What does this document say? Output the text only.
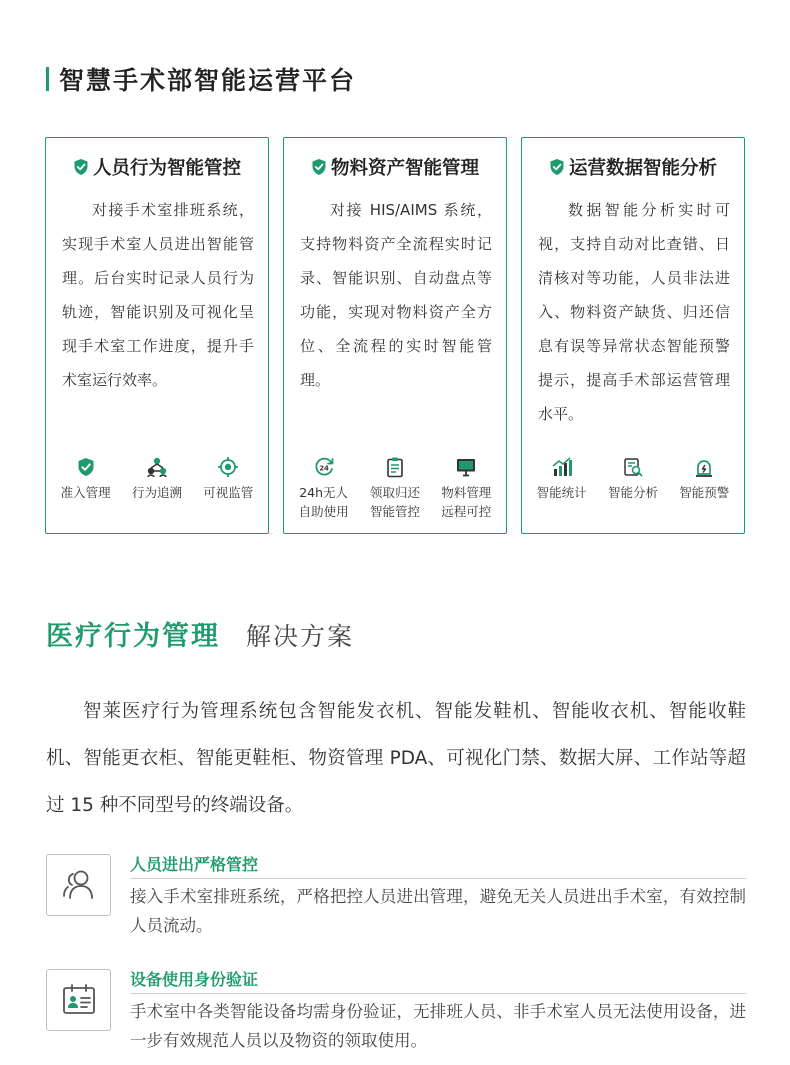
智慧手术部智能运营平台
人员行为智能管控
对接手术室排班系统，实现手术室人员进出智能管理。后台实时记录人员行为轨迹，智能识别及可视化呈现手术室工作进度，提升手术室运行效率。
准入管理 行为追溯 可视监管
物料资产智能管理
对接 HIS/AIMS 系统，支持物料资产全流程实时记录、智能识别、自动盘点等功能，实现对物料资产全方位、全流程的实时智能管理。
24
24h无人
自助使用
领取归还
智能管控
物料管理
远程可控
运营数据智能分析
数据智能分析实时可视，支持自动对比查错、日清核对等功能，人员非法进入、物料资产缺货、归还信息有误等异常状态智能预警提示，提高手术部运营管理水平。
智能统计 智能分析 智能预警
医疗行为管理 解决方案
智莱医疗行为管理系统包含智能发衣机、智能发鞋机、智能收衣机、智能收鞋机、智能更衣柜、智能更鞋柜、物资管理 PDA、可视化门禁、数据大屏、工作站等超过 15 种不同型号的终端设备。
人员进出严格管控
接入手术室排班系统，严格把控人员进出管理，避免无关人员进出手术室，有效控制人员流动。
设备使用身份验证
手术室中各类智能设备均需身份验证，无排班人员、非手术室人员无法使用设备，进一步有效规范人员以及物资的领取使用。
